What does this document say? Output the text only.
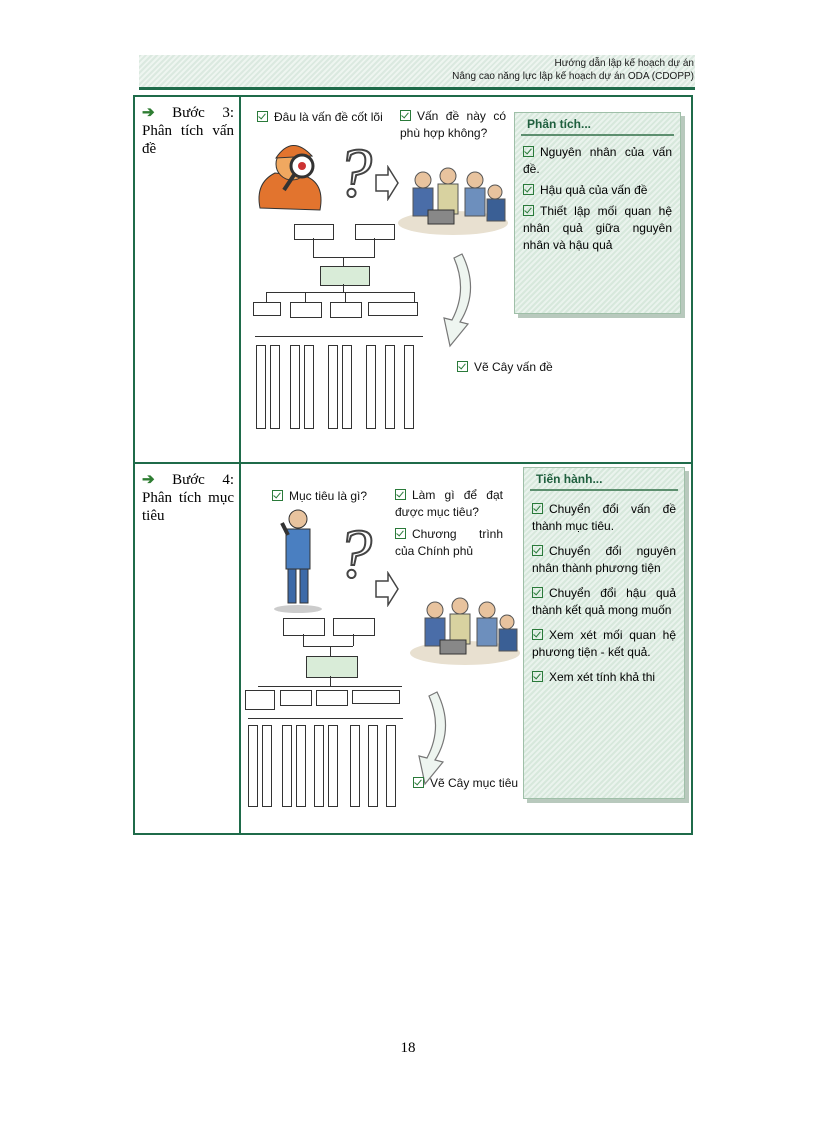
Hướng dẫn lập kế hoạch dự án
Nâng cao năng lực lập kế hoạch dự án ODA (CDOPP)
➔ Bước 3: Phân tích vấn đề
Đâu là vấn đề cốt lõi	Vấn đề này có phù hợp không?
?
Phân tích...
Nguyên nhân của vấn đề.
Hậu quả của vấn đề
Thiết lập mối quan hệ nhân quả giữa nguyên nhân và hậu quả
Vẽ Cây vấn đề
➔ Bước 4: Phân tích mục tiêu
Mục tiêu là gì?	Làm gì để đạt được mục tiêu?
Chương trình của Chính phủ
?
Tiến hành...
Chuyển đổi vấn đề thành mục tiêu.
Chuyển đổi nguyên nhân thành phương tiện
Chuyển đổi hậu quả thành kết quả mong muốn
Xem xét mối quan hệ phương tiện - kết quả.
Xem xét tính khả thi
Vẽ Cây mục tiêu
18
